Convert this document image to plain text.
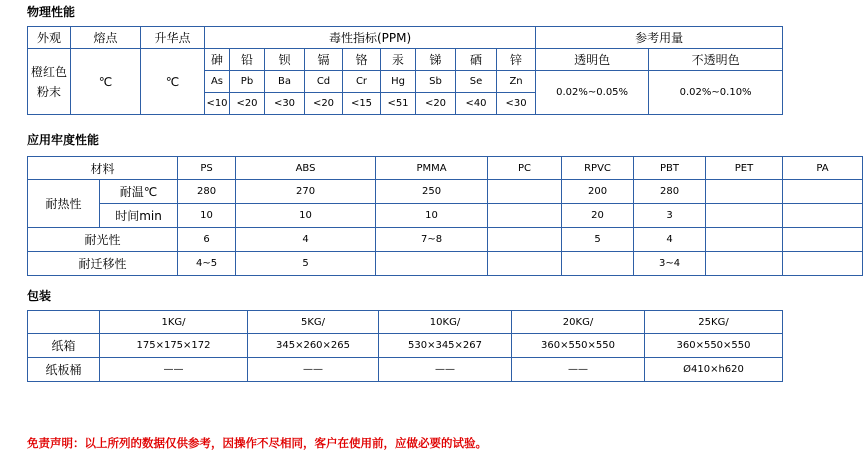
物理性能
外观	熔点	升华点	毒性指标(PPM)									参考用量	

橙红色
粉末	℃	℃	砷	铅	钡	镉	铬	汞	锑	硒	锌	透明色	不透明色
			As	Pb	Ba	Cd	Cr	Hg	Sb	Se	Zn	0.02%~0.05%	0.02%~0.10%
			<10	<20	<30	<20	<15	<51	<20	<40	<30		
应用牢度性能
材料		PS	ABS	PMMA	PC	RPVC	PBT	PET	PA
耐热性	耐温℃	280	270	250		200	280		
	时间min	10	10	10		20	3		
耐光性		6	4	7~8		5	4		
耐迁移性		4~5	5				3~4		
包装
	1KG/	5KG/	10KG/	20KG/	25KG/
纸箱	175×175×172	345×260×265	530×345×267	360×550×550	360×550×550
纸板桶	——	——	——	——	Ø410×h620
免责声明：以上所列的数据仅供参考，因操作不尽相同，客户在使用前，应做必要的试验。
